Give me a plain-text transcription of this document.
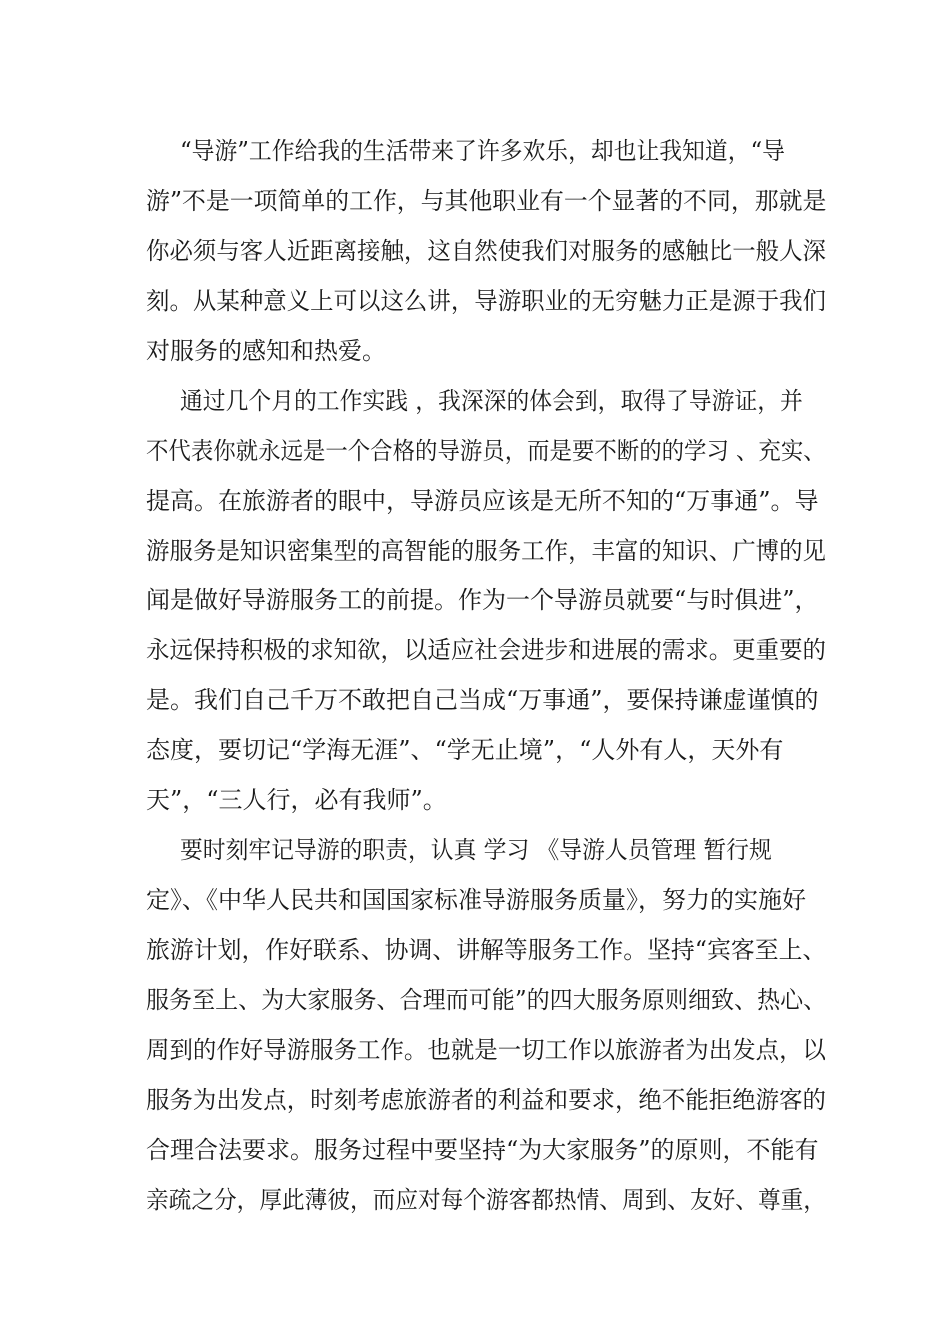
“导游”工作给我的生活带来了许多欢乐，却也让我知道，“导
游”不是一项简单的工作，与其他职业有一个显著的不同，那就是
你必须与客人近距离接触，这自然使我们对服务的感触比一般人深
刻。从某种意义上可以这么讲，导游职业的无穷魅力正是源于我们
对服务的感知和热爱。
通过几个月的工作实践 ，我深深的体会到，取得了导游证，并
不代表你就永远是一个合格的导游员，而是要不断的的学习 、充实、
提高。在旅游者的眼中，导游员应该是无所不知的“万事通”。导
游服务是知识密集型的高智能的服务工作，丰富的知识、广博的见
闻是做好导游服务工的前提。作为一个导游员就要“与时俱进”，
永远保持积极的求知欲，以适应社会进步和进展的需求。更重要的
是。我们自己千万不敢把自己当成“万事通”，要保持谦虚谨慎的
态度，要切记“学海无涯”、“学无止境”，“人外有人，天外有
天”，“三人行，必有我师”。
要时刻牢记导游的职责，认真 学习 《导游人员管理 暂行规
定》、《中华人民共和国国家标准导游服务质量》，努力的实施好
旅游计划，作好联系、协调、讲解等服务工作。坚持“宾客至上、
服务至上、为大家服务、合理而可能”的四大服务原则细致、热心、
周到的作好导游服务工作。也就是一切工作以旅游者为出发点，以
服务为出发点，时刻考虑旅游者的利益和要求，绝不能拒绝游客的
合理合法要求。服务过程中要坚持“为大家服务”的原则，不能有
亲疏之分，厚此薄彼，而应对每个游客都热情、周到、友好、尊重，
